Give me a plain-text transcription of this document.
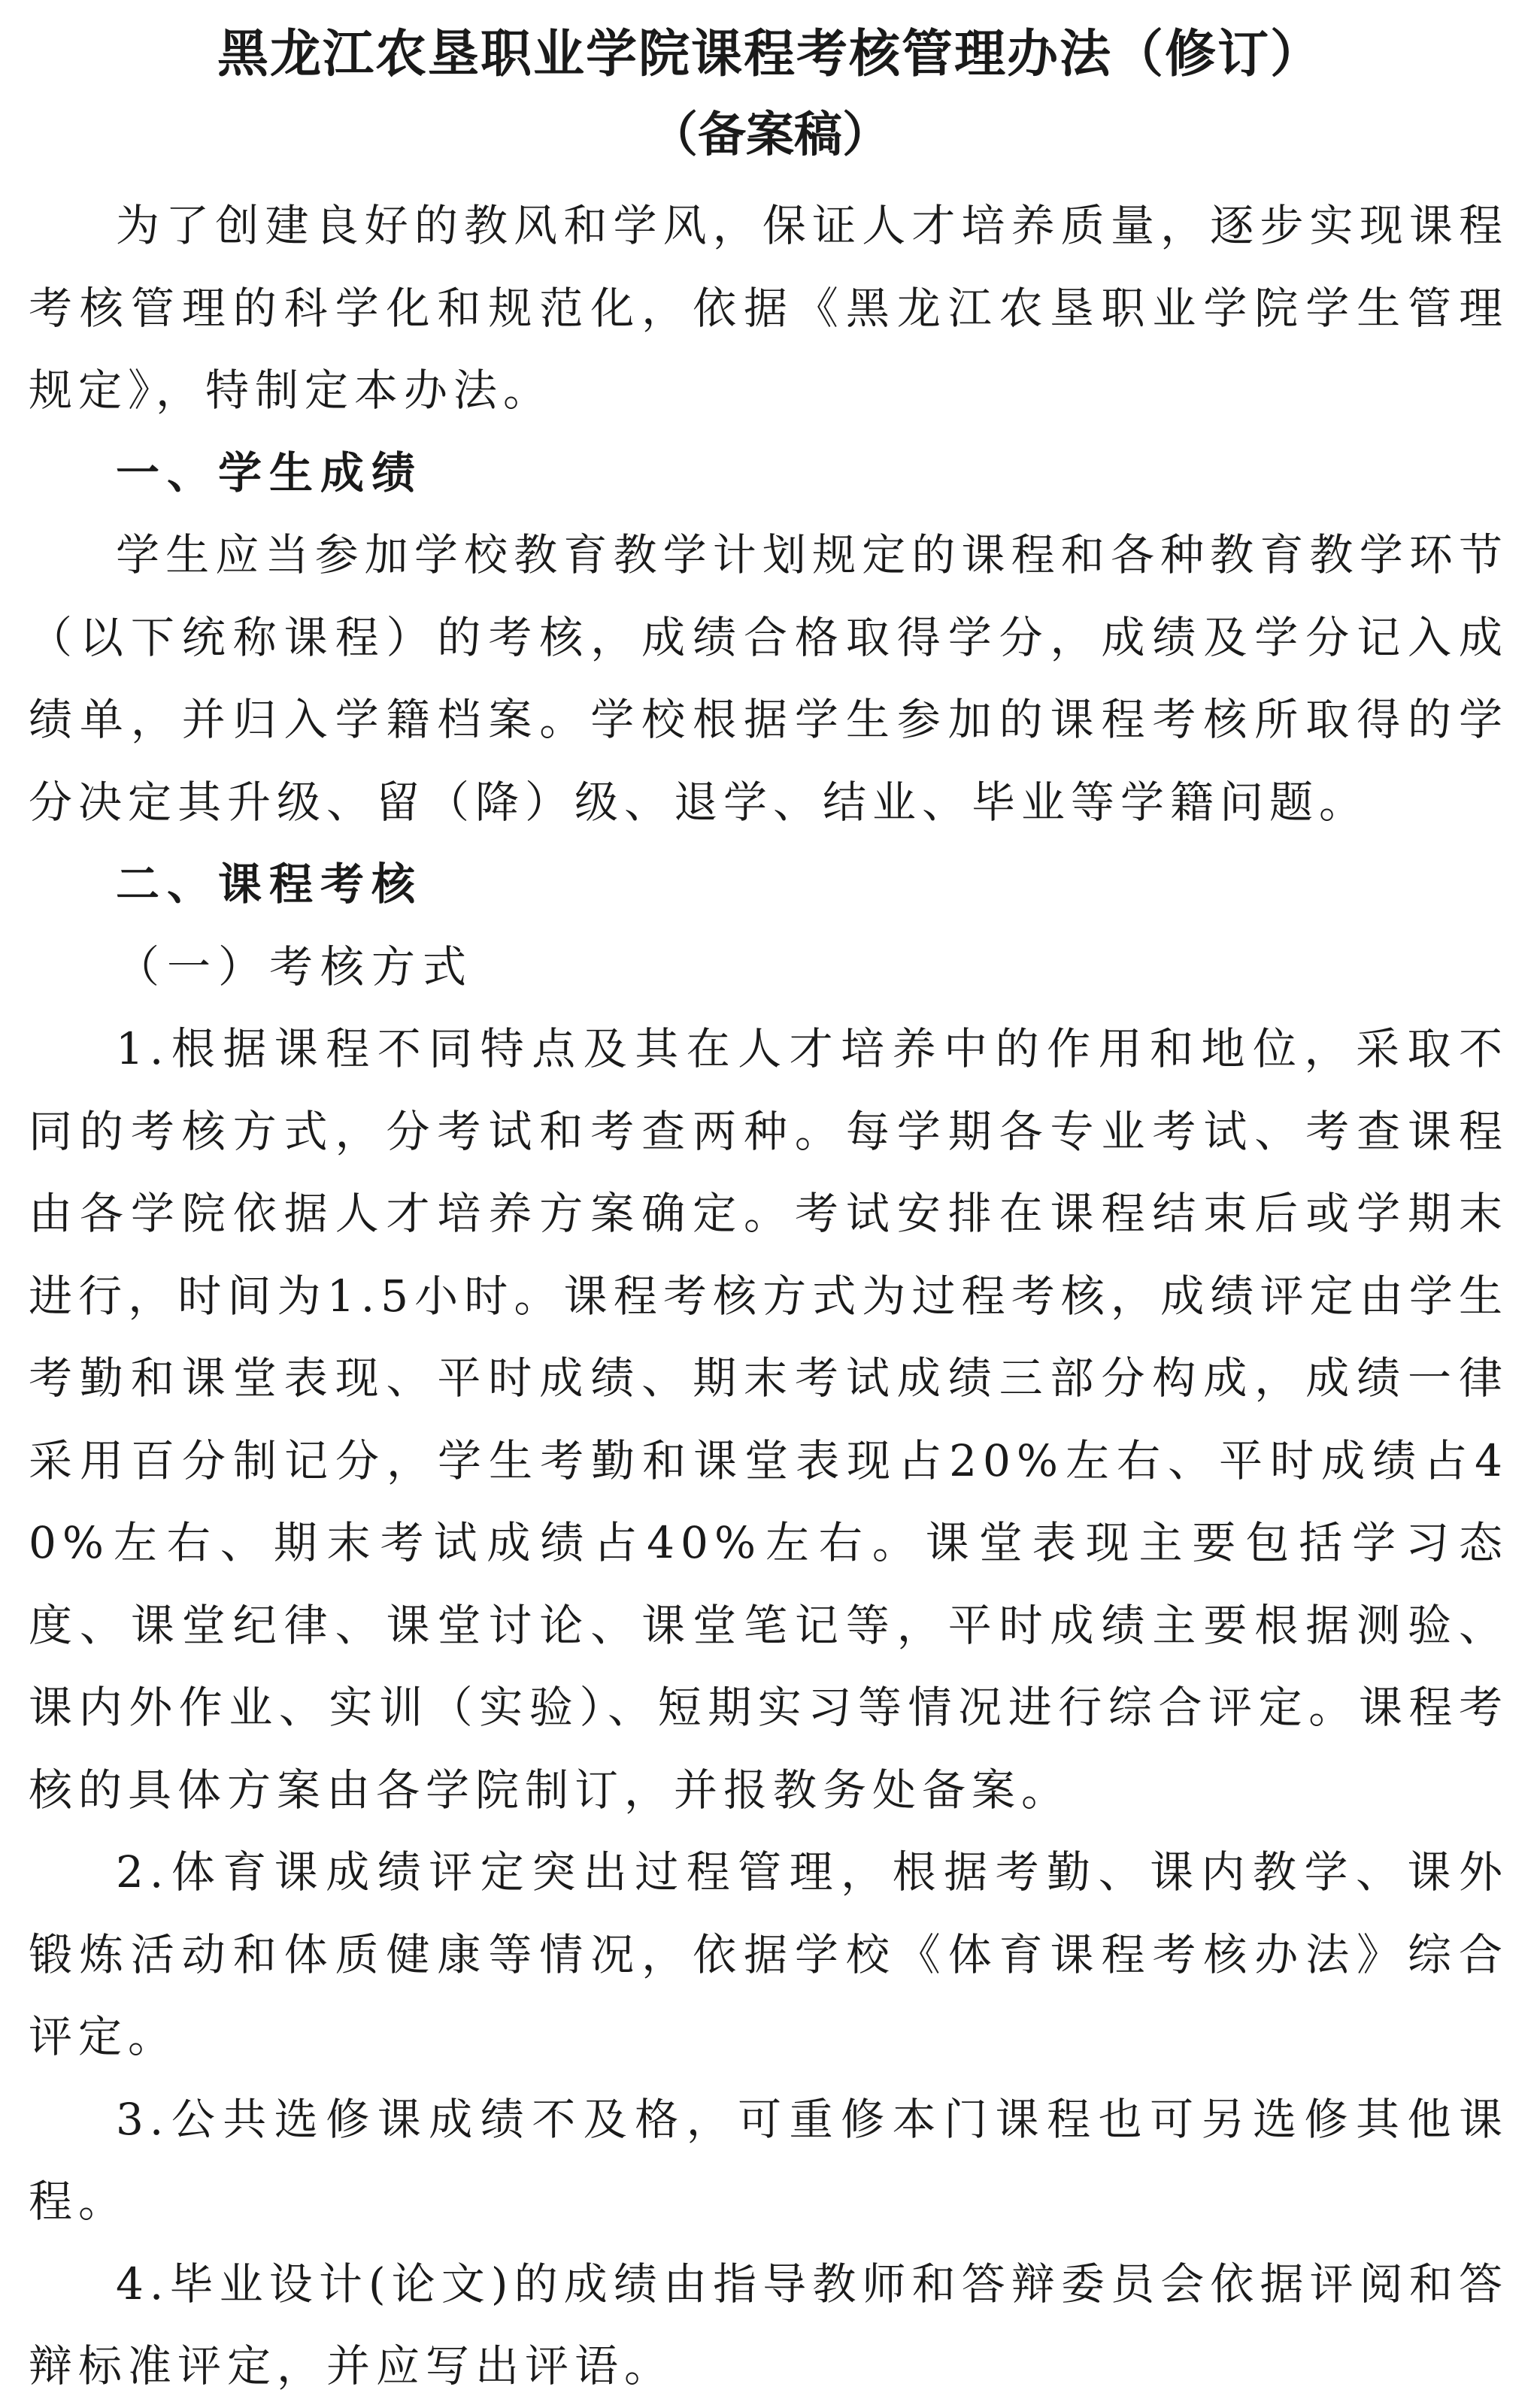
黑龙江农垦职业学院课程考核管理办法（修订）
（备案稿）

为了创建良好的教风和学风，保证人才培养质量，逐步实现课程考核管理的科学化和规范化，依据《黑龙江农垦职业学院学生管理规定》，特制定本办法。

一、学生成绩

学生应当参加学校教育教学计划规定的课程和各种教育教学环节（以下统称课程）的考核，成绩合格取得学分，成绩及学分记入成绩单，并归入学籍档案。学校根据学生参加的课程考核所取得的学分决定其升级、留（降）级、退学、结业、毕业等学籍问题。

二、课程考核

（一）考核方式

1.根据课程不同特点及其在人才培养中的作用和地位，采取不同的考核方式，分考试和考查两种。每学期各专业考试、考查课程由各学院依据人才培养方案确定。考试安排在课程结束后或学期末进行，时间为1.5小时。课程考核方式为过程考核，成绩评定由学生考勤和课堂表现、平时成绩、期末考试成绩三部分构成，成绩一律采用百分制记分，学生考勤和课堂表现占20%左右、平时成绩占40%左右、期末考试成绩占40%左右。课堂表现主要包括学习态度、课堂纪律、课堂讨论、课堂笔记等，平时成绩主要根据测验、课内外作业、实训（实验）、短期实习等情况进行综合评定。课程考核的具体方案由各学院制订，并报教务处备案。

2.体育课成绩评定突出过程管理，根据考勤、课内教学、课外锻炼活动和体质健康等情况，依据学校《体育课程考核办法》综合评定。

3.公共选修课成绩不及格，可重修本门课程也可另选修其他课程。

4.毕业设计(论文)的成绩由指导教师和答辩委员会依据评阅和答辩标准评定，并应写出评语。
